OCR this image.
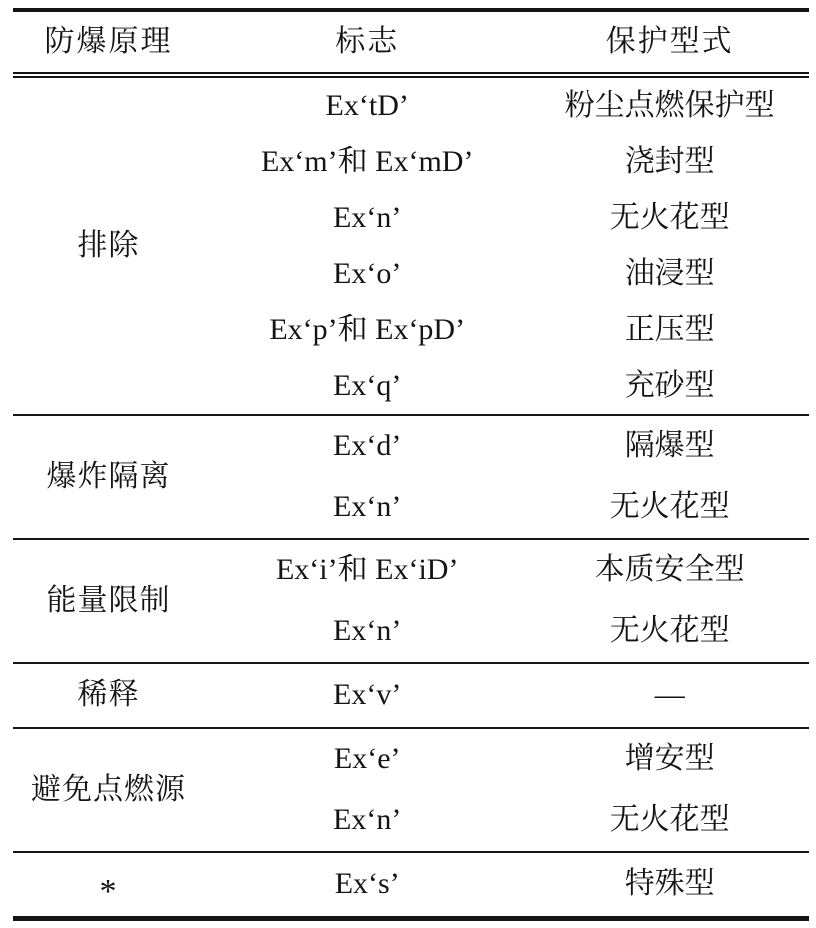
防爆原理	标志	保护型式
排除	Ex‘tD’	粉尘点燃保护型
	Ex‘m’和 Ex‘mD’	浇封型
	Ex‘n’	无火花型
	Ex‘o’	油浸型
	Ex‘p’和 Ex‘pD’	正压型
	Ex‘q’	充砂型
爆炸隔离	Ex‘d’	隔爆型
	Ex‘n’	无火花型
能量限制	Ex‘i’和 Ex‘iD’	本质安全型
	Ex‘n’	无火花型
稀释	Ex‘v’	—
避免点燃源	Ex‘e’	增安型
	Ex‘n’	无火花型
*	Ex‘s’	特殊型
